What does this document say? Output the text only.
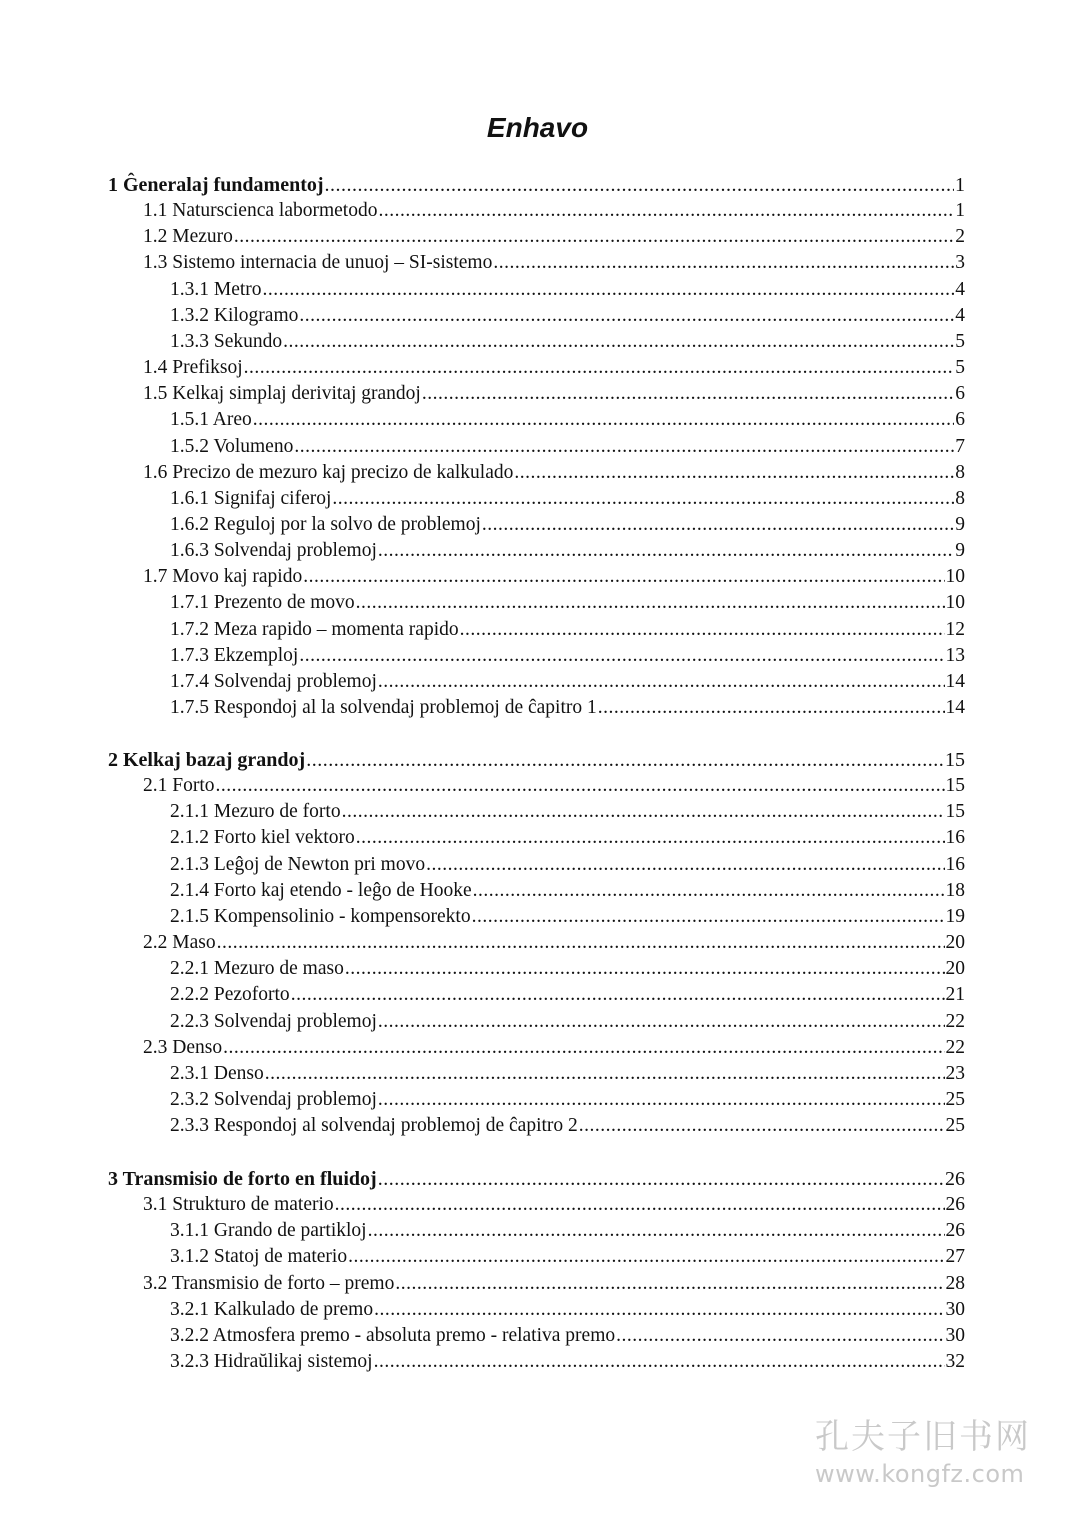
Enhavo
1 Ĝeneralaj fundamentoj .....	1
1.1 Naturscienca labormetodo .....	1
1.2 Mezuro .....	2
1.3 Sistemo internacia de unuoj – SI-sistemo .....	3
1.3.1 Metro .....	4
1.3.2 Kilogramo .....	4
1.3.3 Sekundo .....	5
1.4 Prefiksoj .....	5
1.5 Kelkaj simplaj derivitaj grandoj .....	6
1.5.1 Areo .....	6
1.5.2 Volumeno .....	7
1.6 Precizo de mezuro kaj precizo de kalkulado .....	8
1.6.1 Signifaj ciferoj .....	8
1.6.2 Reguloj por la solvo de problemoj .....	9
1.6.3 Solvendaj problemoj .....	9
1.7 Movo kaj rapido .....	10
1.7.1 Prezento de movo .....	10
1.7.2 Meza rapido – momenta rapido .....	12
1.7.3 Ekzemploj .....	13
1.7.4 Solvendaj problemoj .....	14
1.7.5 Respondoj al la solvendaj problemoj de ĉapitro 1 .....	14
2 Kelkaj bazaj grandoj .....	15
2.1 Forto .....	15
2.1.1 Mezuro de forto .....	15
2.1.2 Forto kiel vektoro .....	16
2.1.3 Leĝoj de Newton pri movo .....	16
2.1.4 Forto kaj etendo - leĝo de Hooke .....	18
2.1.5 Kompensolinio - kompensorekto .....	19
2.2 Maso .....	20
2.2.1 Mezuro de maso .....	20
2.2.2 Pezoforto .....	21
2.2.3 Solvendaj problemoj .....	22
2.3 Denso .....	22
2.3.1 Denso .....	23
2.3.2 Solvendaj problemoj .....	25
2.3.3 Respondoj al solvendaj problemoj de ĉapitro 2 .....	25
3 Transmisio de forto en fluidoj .....	26
3.1 Strukturo de materio .....	26
3.1.1 Grando de partikloj .....	26
3.1.2 Statoj de materio .....	27
3.2 Transmisio de forto – premo .....	28
3.2.1 Kalkulado de premo .....	30
3.2.2 Atmosfera premo - absoluta premo - relativa premo .....	30
3.2.3 Hidraŭlikaj sistemoj .....	32
孔夫子旧书网
www.kongfz.com
